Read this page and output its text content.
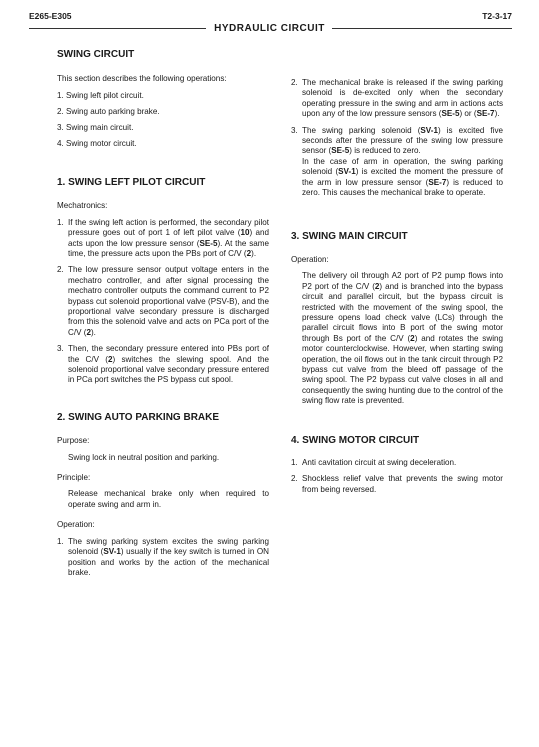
E265-E305	T2-3-17
HYDRAULIC CIRCUIT
SWING CIRCUIT

This section describes the following operations:

1. Swing left pilot circuit.

2. Swing auto parking brake.

3. Swing main circuit.

4. Swing motor circuit.

1. SWING LEFT PILOT CIRCUIT

Mechatronics:

1. If the swing left action is performed, the secondary pilot pressure goes out of port 1 of left pilot valve (10) and acts upon the low pressure sensor (SE-5). At the same time, the pressure acts upon the PBs port of C/V (2).
2. The low pressure sensor output voltage enters in the mechatro controller, and after signal processing the mechatro controller outputs the command current to P2 bypass cut solenoid proportional valve (PSV-B), and the proportional valve secondary pressure is discharged from this the solenoid valve and acts on PCa port of the C/V (2).
3. Then, the secondary pressure entered into PBs port of the C/V (2) switches the slewing spool. And the solenoid proportional valve secondary pressure entered in PCa port switches the PS bypass cut spool.
2. SWING AUTO PARKING BRAKE

Purpose:

Swing lock in neutral position and parking.

Principle:

Release mechanical brake only when required to operate swing and arm in.

Operation:

1. The swing parking system excites the swing parking solenoid (SV-1) usually if the key switch is turned in ON position and works by the action of the mechanical brake.
2. The mechanical brake is released if the swing parking solenoid is de-excited only when the secondary operating pressure in the swing and arm in actions acts upon any of the low pressure sensors (SE-5) or (SE-7).
3. The swing parking solenoid (SV-1) is excited five seconds after the pressure of the swing low pressure sensor (SE-5) is reduced to zero.

In the case of arm in operation, the swing parking solenoid (SV-1) is excited the moment the pressure of the arm in low pressure sensor (SE-7) is reduced to zero. This causes the mechanical brake to operate.

3. SWING MAIN CIRCUIT

Operation:

The delivery oil through A2 port of P2 pump flows into P2 port of the C/V (2) and is branched into the bypass circuit and parallel circuit, but the bypass circuit is restricted with the movement of the swing spool, the pressure opens load check valve (LCs) through the parallel circuit flows into B port of the swing motor through Bs port of the C/V (2) and rotates the swing motor counterclockwise. However, when starting swing operation, the oil flows out in the tank circuit through P2 bypass cut valve from the bleed off passage of the swing spool. The P2 bypass cut valve closes in all and consequently the swing hunting due to the control of the swing flow rate is prevented.

4. SWING MOTOR CIRCUIT
1. Anti cavitation circuit at swing deceleration.
2. Shockless relief valve that prevents the swing motor from being reversed.
